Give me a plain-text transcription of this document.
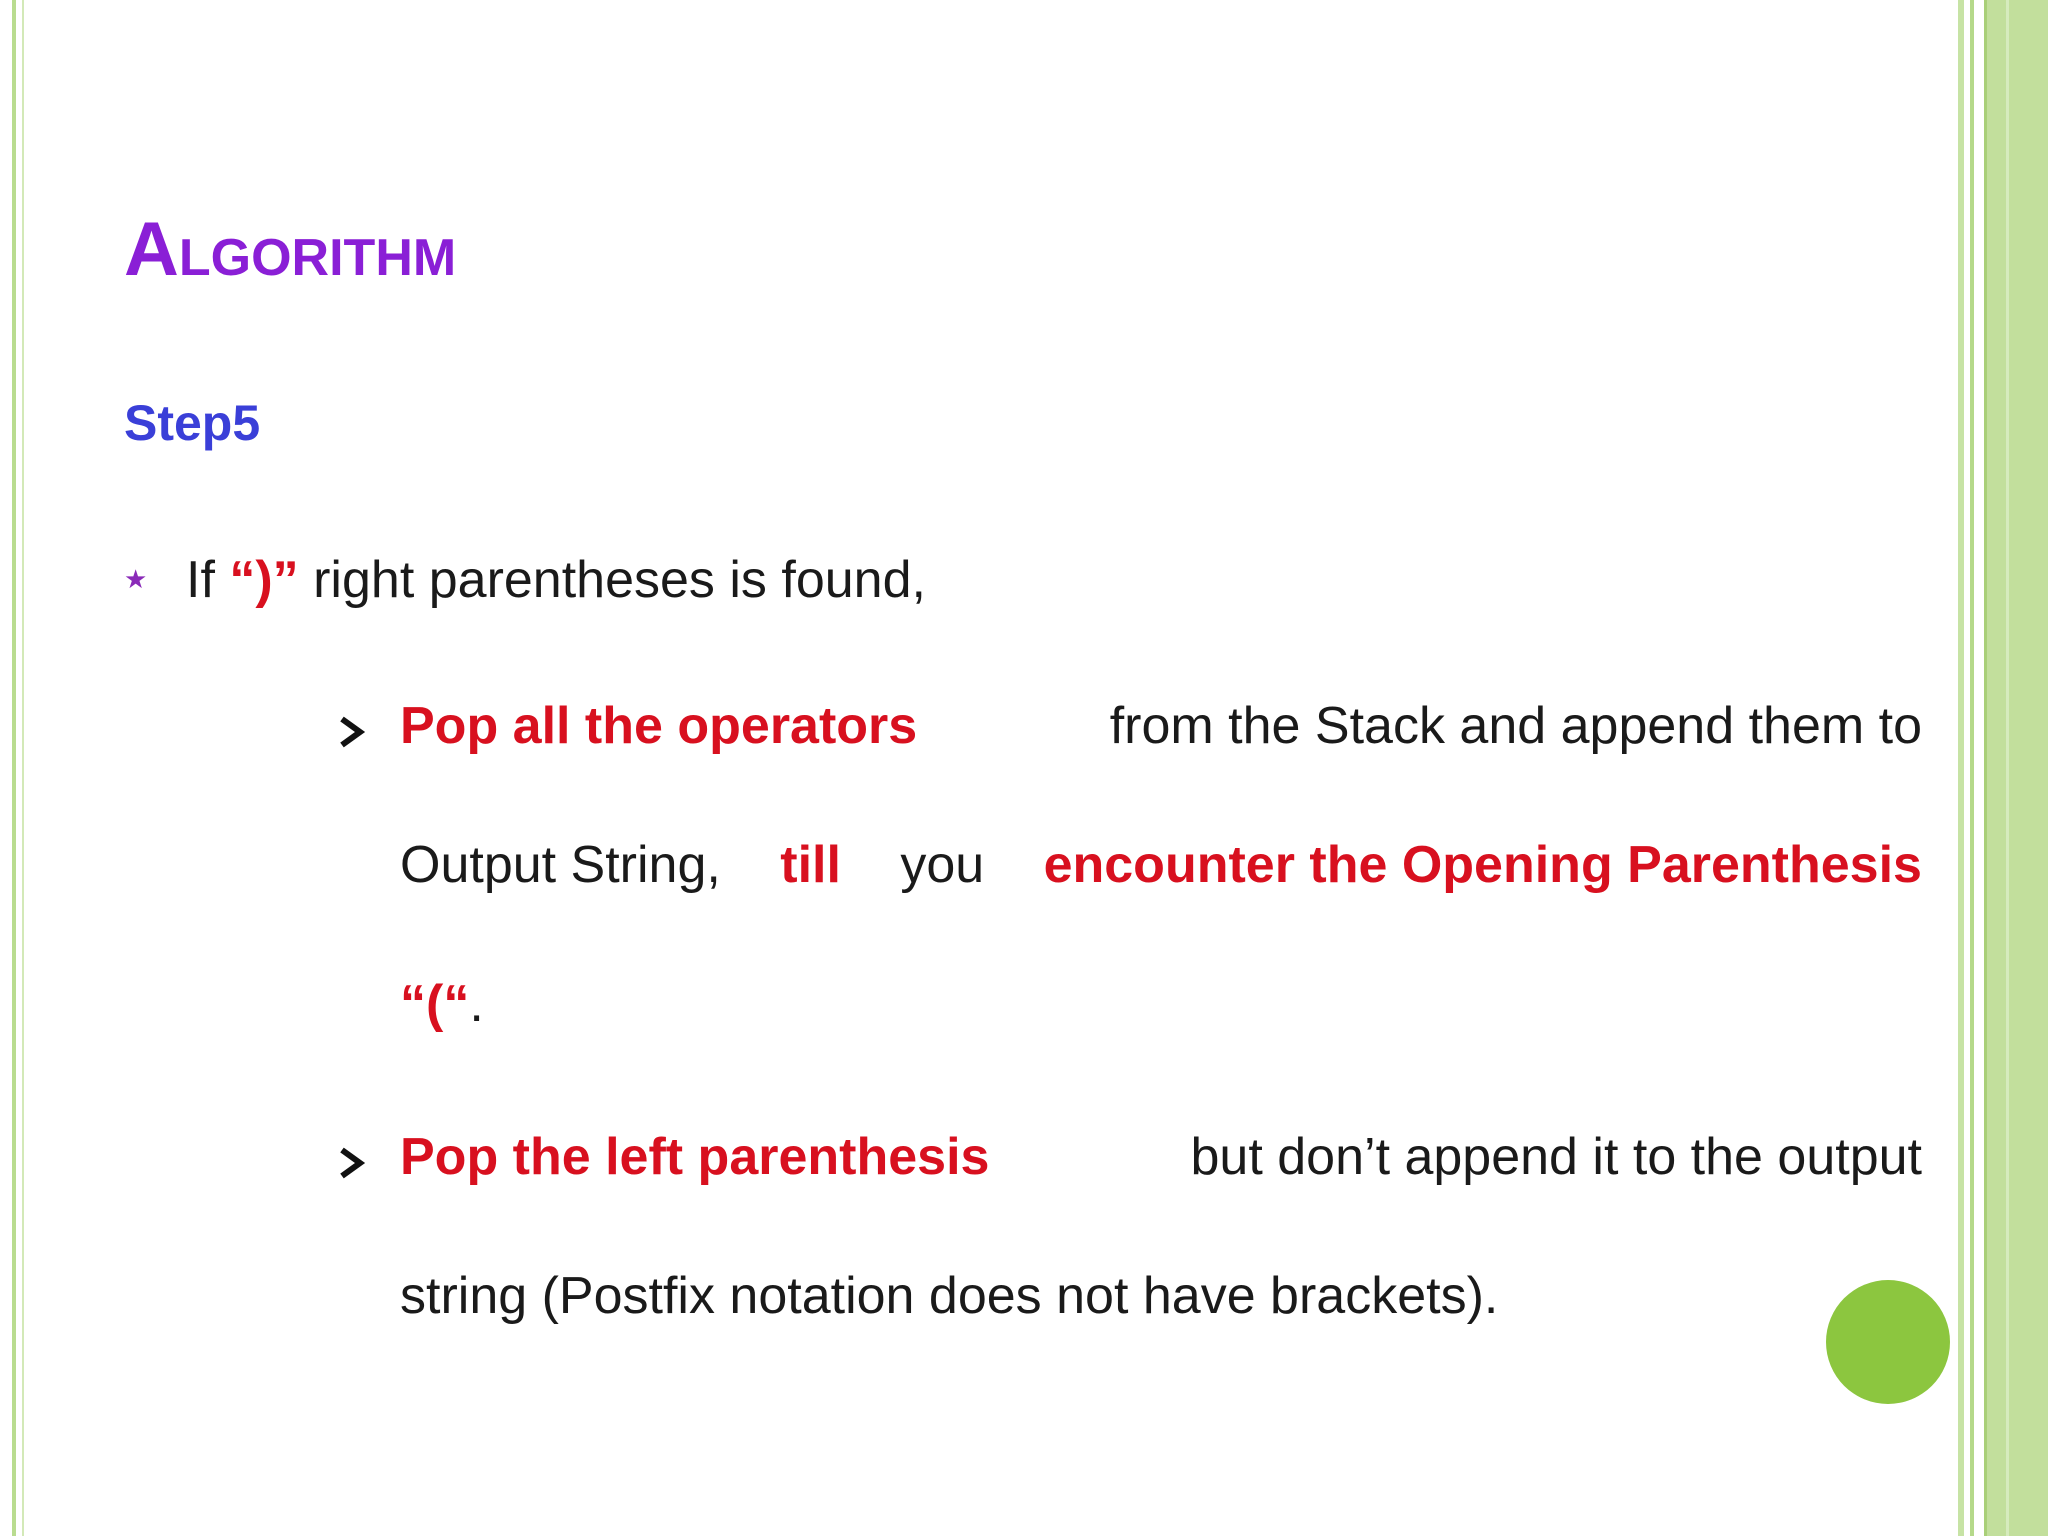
ALGORITHM
Step5
★ If “)” right parentheses is found,
Pop all the operators	from the Stack and append them to
Output String, till you encounter the Opening Parenthesis
“(“.
Pop the left parenthesis	but don’t append it to the output
string (Postfix notation does not have brackets).
